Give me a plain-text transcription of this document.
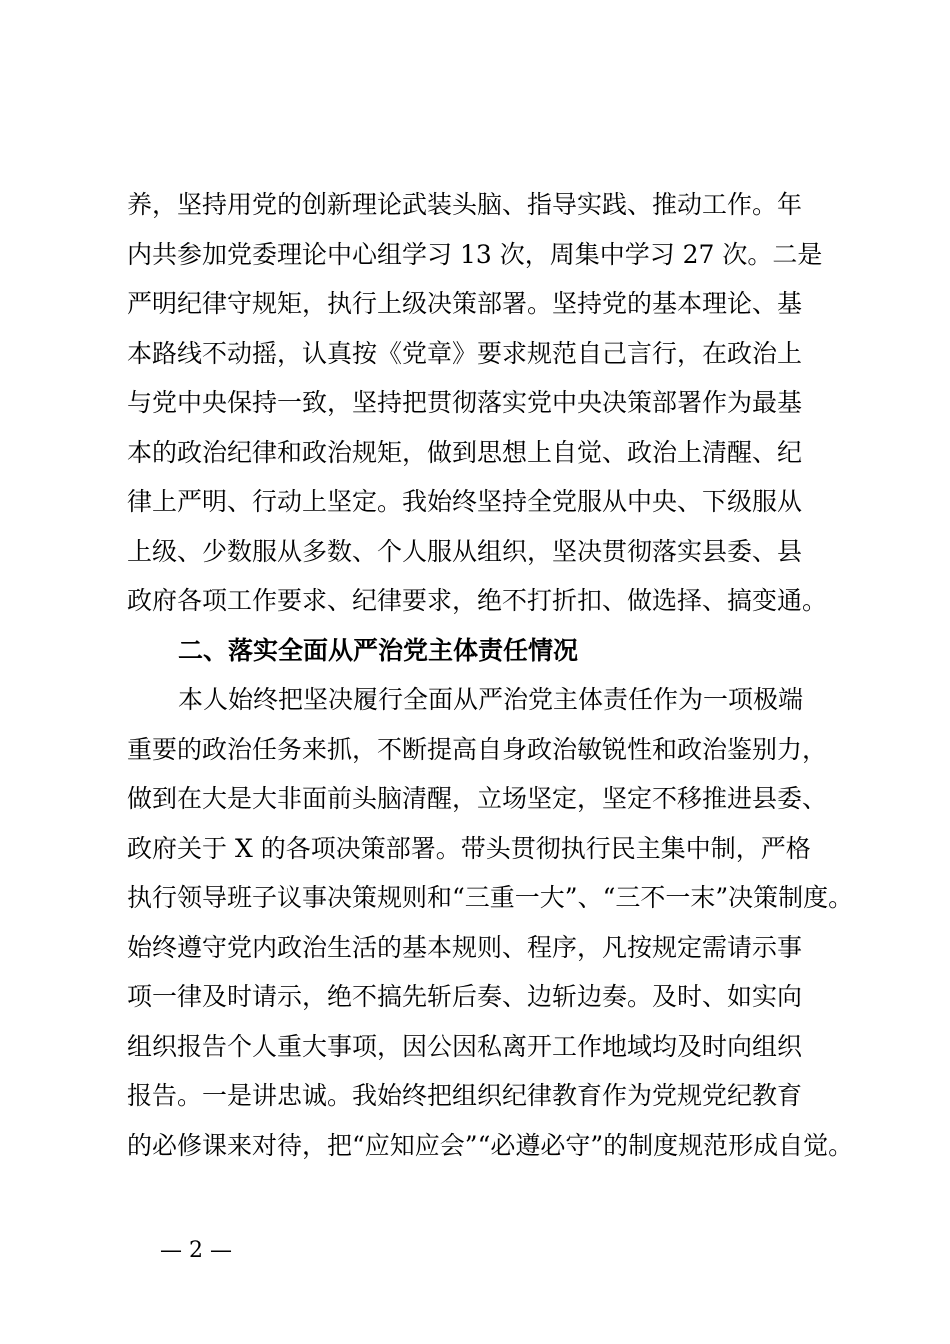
养，坚持用党的创新理论武装头脑、指导实践、推动工作。年
内共参加党委理论中心组学习 13 次，周集中学习 27 次。二是
严明纪律守规矩，执行上级决策部署。坚持党的基本理论、基
本路线不动摇，认真按《党章》要求规范自己言行，在政治上
与党中央保持一致，坚持把贯彻落实党中央决策部署作为最基
本的政治纪律和政治规矩，做到思想上自觉、政治上清醒、纪
律上严明、行动上坚定。我始终坚持全党服从中央、下级服从
上级、少数服从多数、个人服从组织，坚决贯彻落实县委、县
政府各项工作要求、纪律要求，绝不打折扣、做选择、搞变通。
二、落实全面从严治党主体责任情况
本人始终把坚决履行全面从严治党主体责任作为一项极端
重要的政治任务来抓，不断提高自身政治敏锐性和政治鉴别力，
做到在大是大非面前头脑清醒，立场坚定，坚定不移推进县委、
政府关于 X 的各项决策部署。带头贯彻执行民主集中制，严格
执行领导班子议事决策规则和“三重一大”、“三不一末”决策制度。
始终遵守党内政治生活的基本规则、程序，凡按规定需请示事
项一律及时请示，绝不搞先斩后奏、边斩边奏。及时、如实向
组织报告个人重大事项，因公因私离开工作地域均及时向组织
报告。一是讲忠诚。我始终把组织纪律教育作为党规党纪教育
的必修课来对待，把“应知应会”“必遵必守”的制度规范形成自觉。
— 2 —
